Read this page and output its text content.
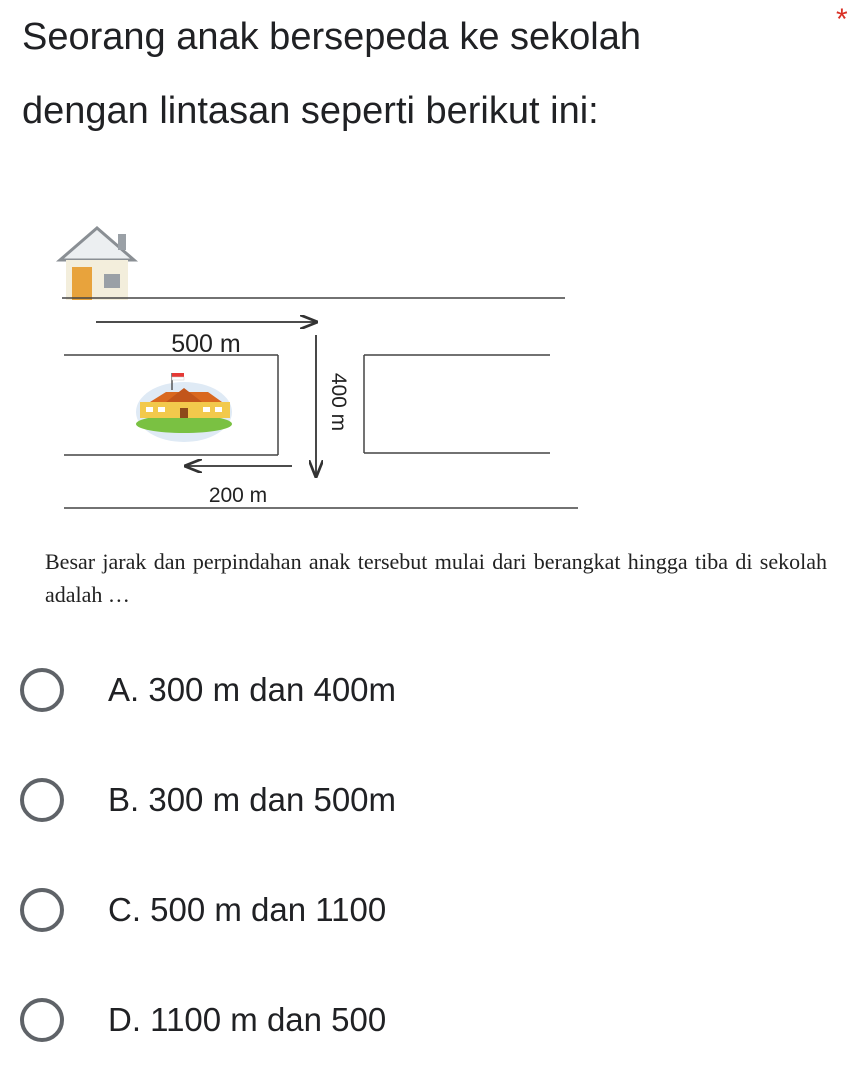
Seorang anak bersepeda ke sekolah
dengan lintasan seperti berikut ini:
*
500 m
400 m
200 m
Besar jarak dan perpindahan anak tersebut mulai dari berangkat hingga tiba di sekolah adalah …
A. 300 m dan 400m
B. 300 m dan 500m
C. 500 m dan 1100
D. 1100 m dan 500
